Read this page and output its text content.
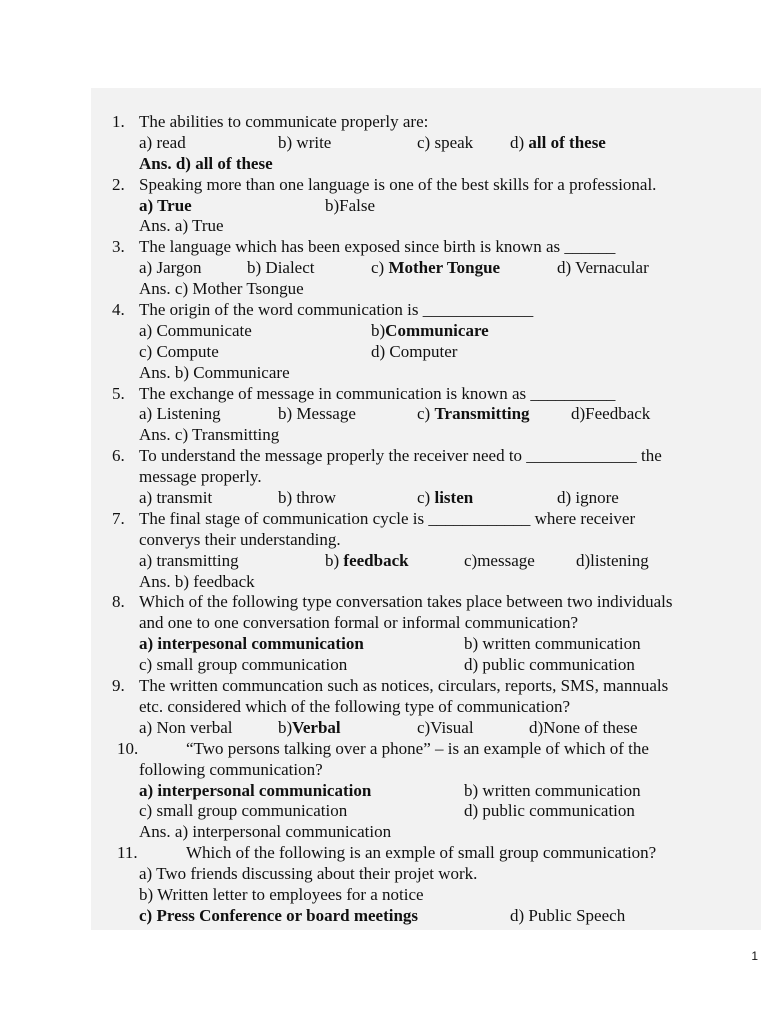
1. The abilities to communicate properly are:
a) read	b) write	c) speak d) all of these
Ans. d) all of these
2. Speaking more than one language is one of the best skills for a professional.
a) True	b)False
Ans. a) True
3. The language which has been exposed since birth is known as ______
a) Jargon	b) Dialect	c) Mother Tongue	d) Vernacular
Ans. c) Mother Tsongue
4. The origin of the word communication is _____________
a) Communicate	b)Communicare
c) Compute	d) Computer
Ans. b) Communicare
5. The exchange of message in communication is known as __________
a) Listening	b) Message	c) Transmitting d)Feedback
Ans. c) Transmitting
6. To understand the message properly the receiver need to _____________ the
message properly.
a) transmit	b) throw	c) listen	d) ignore
7. The final stage of communication cycle is ____________ where receiver
converys their understanding.
a) transmitting	b) feedback	c)message d)listening
Ans. b) feedback
8. Which of the following type conversation takes place between two individuals
and one to one conversation formal or informal communication?
a) interpesonal communication	b) written communication
c) small group communication	d) public communication
9. The written communcation such as notices, circulars, reports, SMS, mannuals
etc. considered which of the following type of communication?
a) Non verbal	b)Verbal	c)Visual	d)None of these
10.	“Two persons talking over a phone” – is an example of which of the
following communication?
a) interpersonal communication	b) written communication
c) small group communication	d) public communication
Ans. a) interpersonal communication
11.	Which of the following is an exmple of small group communication?
a) Two friends discussing about their projet work.
b) Written letter to employees for a notice
c) Press Conference or board meetings	d) Public Speech
1
